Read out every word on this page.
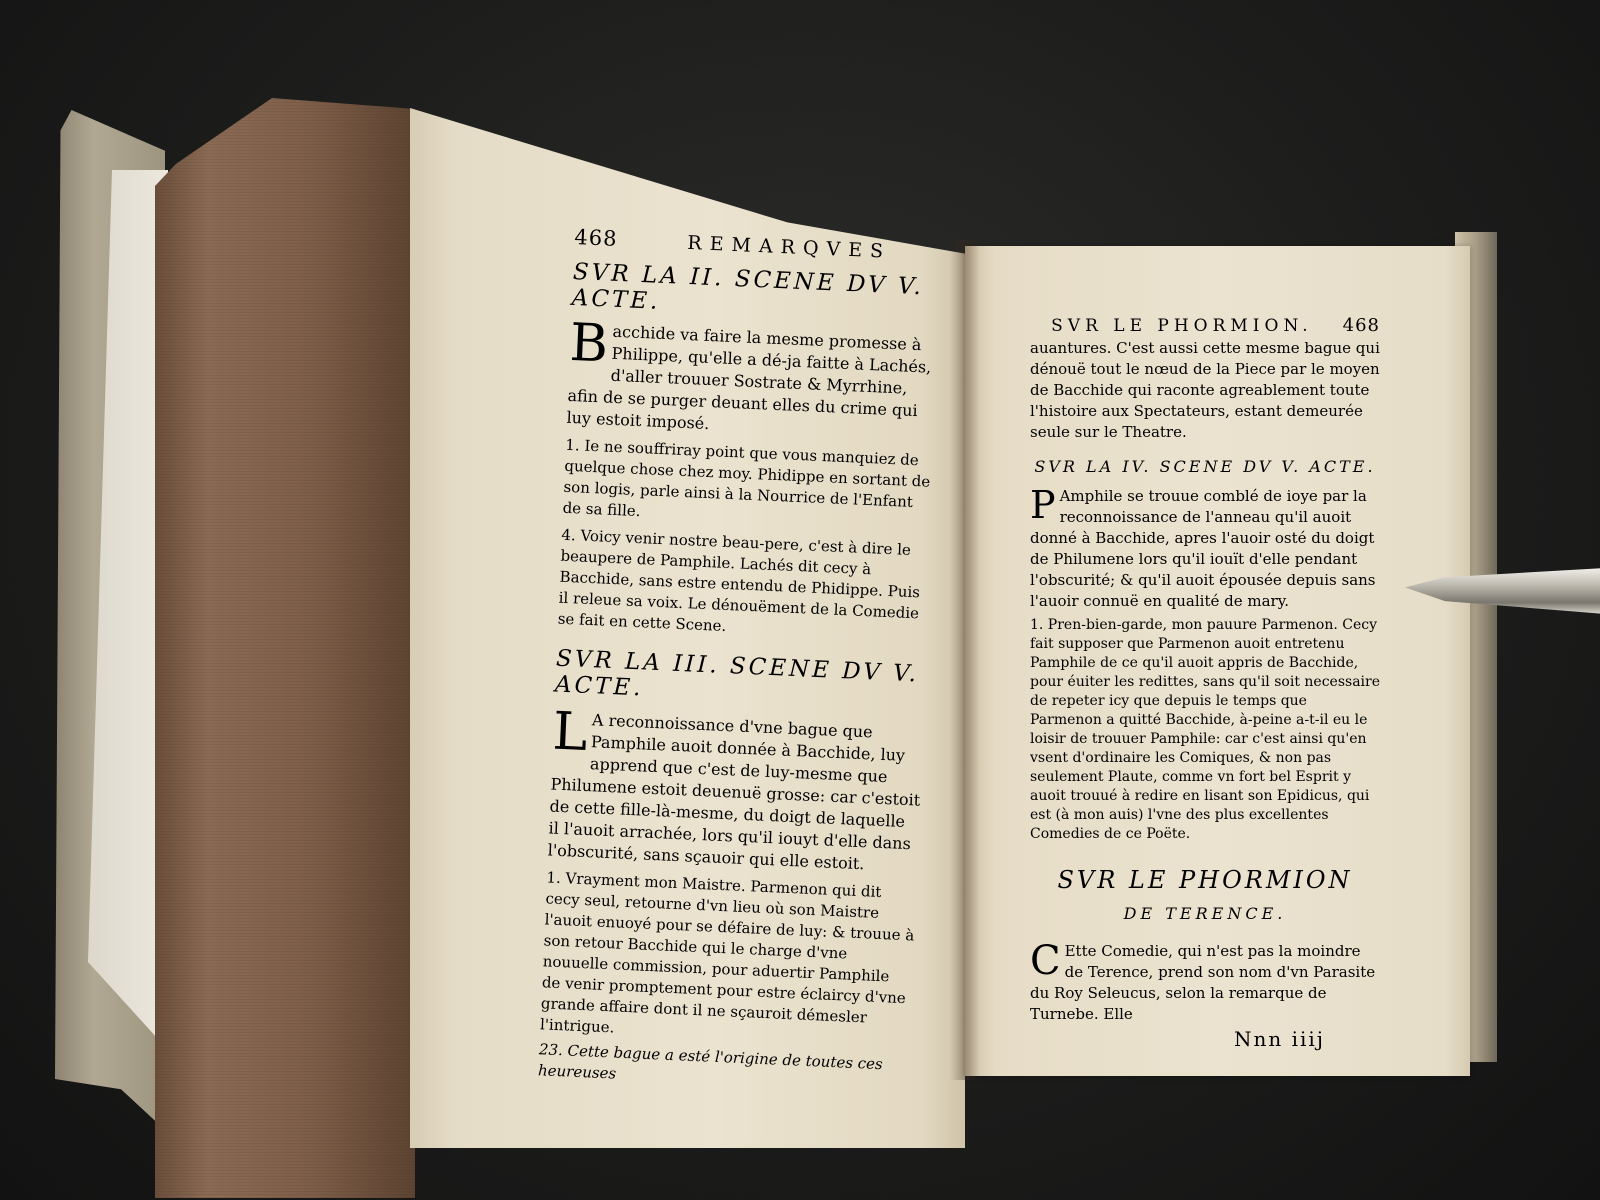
468	REMARQVES

SVR LA II. SCENE DV V. ACTE.

B acchide va faire la mesme promesse à Philippe, qu'elle a dé-ja faitte à Lachés, d'aller trouuer Sostrate & Myrrhine, afin de se purger deuant elles du crime qui luy estoit imposé.

1. Ie ne souffriray point que vous manquiez de quelque chose chez moy. Phidippe en sortant de son logis, parle ainsi à la Nourrice de l'Enfant de sa fille.

4. Voicy venir nostre beau-pere, c'est à dire le beaupere de Pamphile. Lachés dit cecy à Bacchide, sans estre entendu de Phidippe. Puis il releue sa voix. Le dénouëment de la Comedie se fait en cette Scene.

SVR LA III. SCENE DV V. ACTE.

L A reconnoissance d'vne bague que Pamphile auoit donnée à Bacchide, luy apprend que c'est de luy-mesme que Philumene estoit deuenuë grosse: car c'estoit de cette fille-là-mesme, du doigt de laquelle il l'auoit arrachée, lors qu'il iouyt d'elle dans l'obscurité, sans sçauoir qui elle estoit.

1. Vrayment mon Maistre. Parmenon qui dit cecy seul, retourne d'vn lieu où son Maistre l'auoit enuoyé pour se défaire de luy: & trouue à son retour Bacchide qui le charge d'vne nouuelle commission, pour aduertir Pamphile de venir promptement pour estre éclaircy d'vne grande affaire dont il ne sçauroit démesler l'intrigue.

23. Cette bague a esté l'origine de toutes ces heureuses

SVR LE PHORMION. 468

auantures. C'est aussi cette mesme bague qui dénouë tout le nœud de la Piece par le moyen de Bacchide qui raconte agreablement toute l'histoire aux Spectateurs, estant demeurée seule sur le Theatre.

SVR LA IV. SCENE DV V. ACTE.

P Amphile se trouue comblé de ioye par la reconnoissance de l'anneau qu'il auoit donné à Bacchide, apres l'auoir osté du doigt de Philumene lors qu'il iouït d'elle pendant l'obscurité; & qu'il auoit épousée depuis sans l'auoir connuë en qualité de mary.

1. Pren-bien-garde, mon pauure Parmenon. Cecy fait supposer que Parmenon auoit entretenu Pamphile de ce qu'il auoit appris de Bacchide, pour éuiter les redittes, sans qu'il soit necessaire de repeter icy que depuis le temps que Parmenon a quitté Bacchide, à-peine a-t-il eu le loisir de trouuer Pamphile: car c'est ainsi qu'en vsent d'ordinaire les Comiques, & non pas seulement Plaute, comme vn fort bel Esprit y auoit trouué à redire en lisant son Epidicus, qui est (à mon auis) l'vne des plus excellentes Comedies de ce Poëte.

SVR LE PHORMION

DE TERENCE.

C Ette Comedie, qui n'est pas la moindre de Terence, prend son nom d'vn Parasite du Roy Seleucus, selon la remarque de Turnebe. Elle

Nnn iiij
